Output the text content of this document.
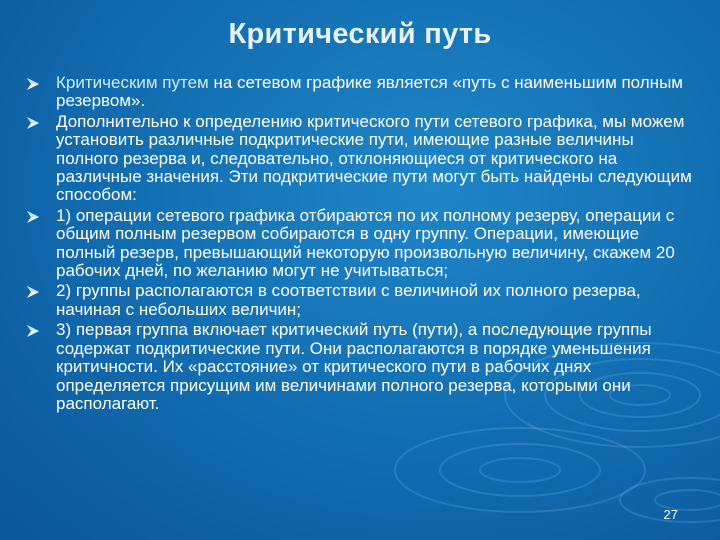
Критический путь
Критическим путем на сетевом графике является «путь с наименьшим полным резервом».
Дополнительно к определению критического пути сетевого графика, мы можем установить различные подкритические пути, имеющие разные величины полного резерва и, следовательно, отклоняющиеся от критического на различные значения. Эти подкритические пути могут быть найдены следующим способом:
1) операции сетевого графика отбираются по их полному резерву, операции с общим полным резервом собираются в одну группу. Операции, имеющие полный резерв, превышающий некоторую произвольную величину, скажем 20 рабочих дней, по желанию могут не учитываться;
2) группы располагаются в соответствии с величиной их полного резерва, начиная с небольших величин;
3) первая группа включает критический путь (пути), а последующие группы содержат подкритические пути. Они располагаются в порядке уменьшения критичности. Их «расстояние» от критического пути в рабочих днях определяется присущим им величинами полного резерва, которыми они располагают.
27
